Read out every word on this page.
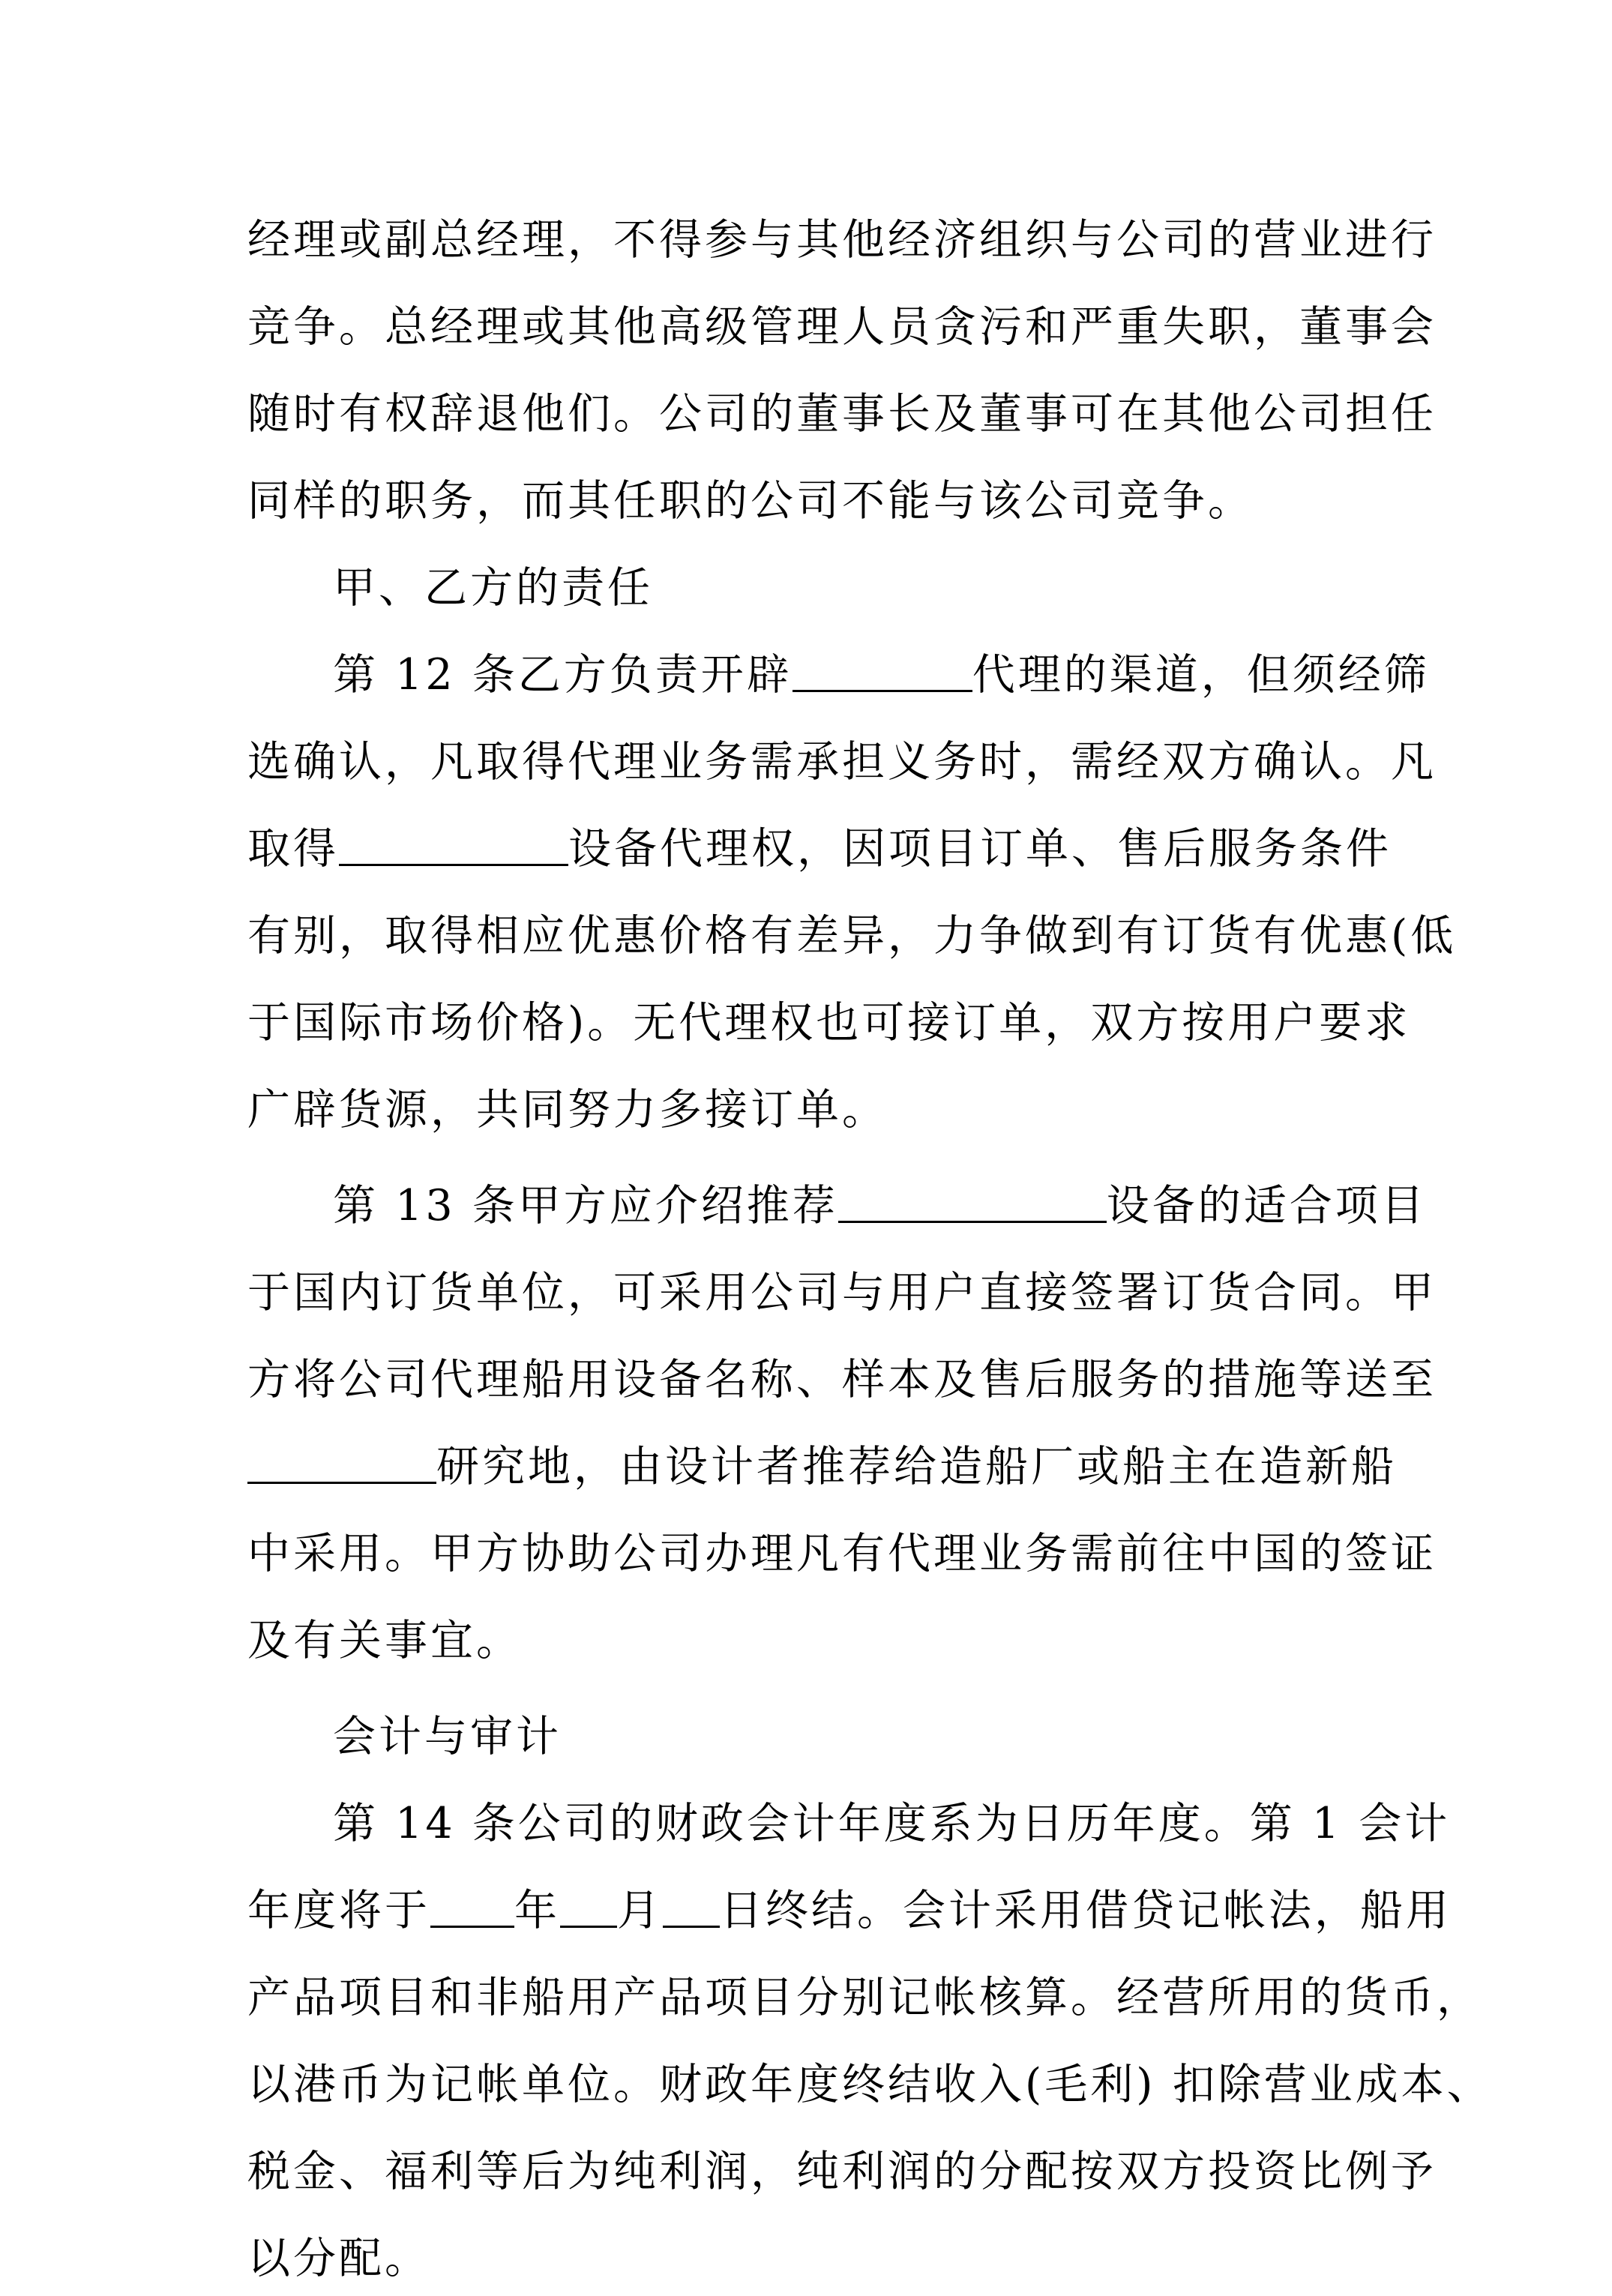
经理或副总经理，不得参与其他经济组织与公司的营业进行
竞争。总经理或其他高级管理人员贪污和严重失职，董事会
随时有权辞退他们。公司的董事长及董事可在其他公司担任
同样的职务，而其任职的公司不能与该公司竞争。
甲、乙方的责任
第 12 条乙方负责开辟	代理的渠道，但须经筛
选确认，凡取得代理业务需承担义务时，需经双方确认。凡
取得	设备代理权，因项目订单、售后服务条件
有别，取得相应优惠价格有差异，力争做到有订货有优惠(低
于国际市场价格)。无代理权也可接订单，双方按用户要求
广辟货源，共同努力多接订单。
第 13 条甲方应介绍推荐	设备的适合项目
于国内订货单位，可采用公司与用户直接签署订货合同。甲
方将公司代理船用设备名称、样本及售后服务的措施等送至
研究地，由设计者推荐给造船厂或船主在造新船
中采用。甲方协助公司办理凡有代理业务需前往中国的签证
及有关事宜。
会计与审计
第 14 条公司的财政会计年度系为日历年度。第 1 会计
年度将于 年 月 日终结。会计采用借贷记帐法，船用
产品项目和非船用产品项目分别记帐核算。经营所用的货币，
以港币为记帐单位。财政年度终结收入(毛利) 扣除营业成本、
税金、福利等后为纯利润，纯利润的分配按双方投资比例予
以分配。
